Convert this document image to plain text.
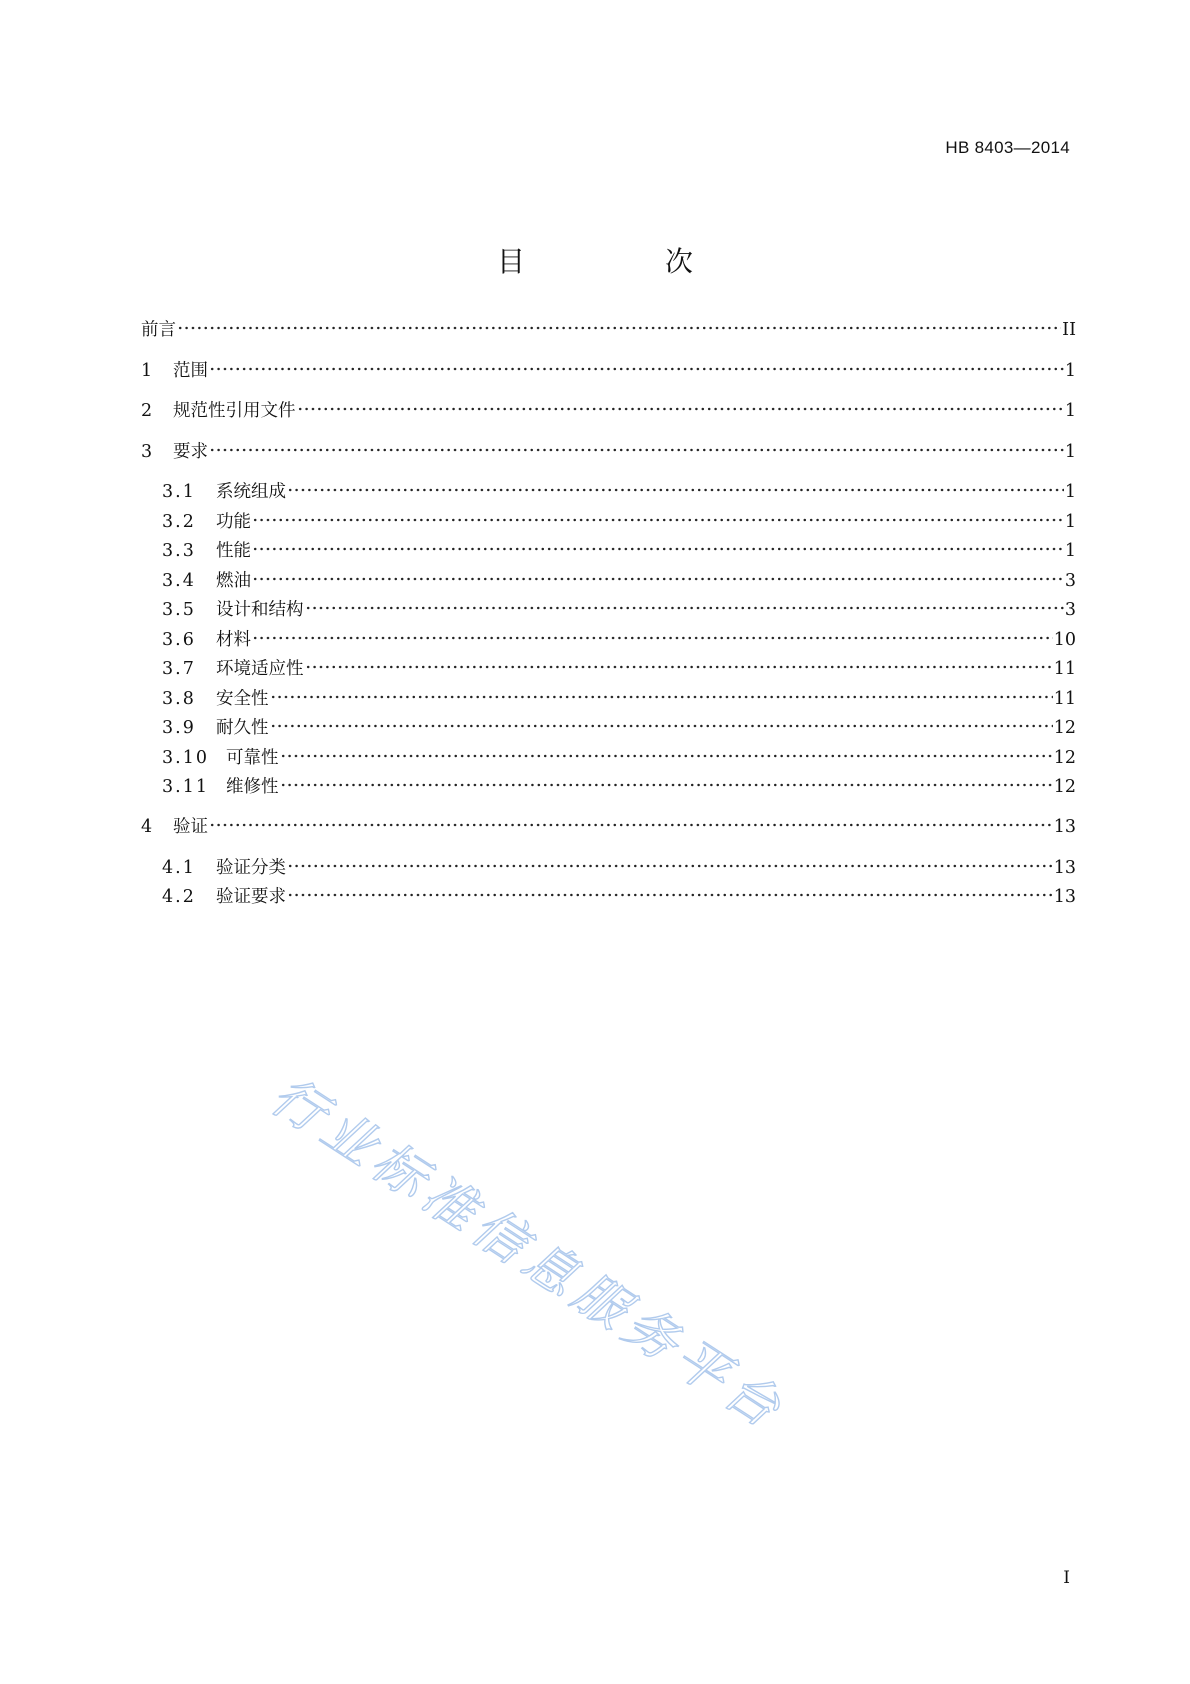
HB 8403—2014
目　次
前言	II
1	范围	1
2	规范性引用文件	1
3	要求	1
3.1	系统组成	1
3.2	功能	1
3.3	性能	1
3.4	燃油	3
3.5	设计和结构	3
3.6	材料	10
3.7	环境适应性	11
3.8	安全性	11
3.9	耐久性	12
3.10 可靠性	12
3.11 维修性	12
4	验证	13
4.1	验证分类	13
4.2	验证要求	13
I
行业标准信息服务平台
